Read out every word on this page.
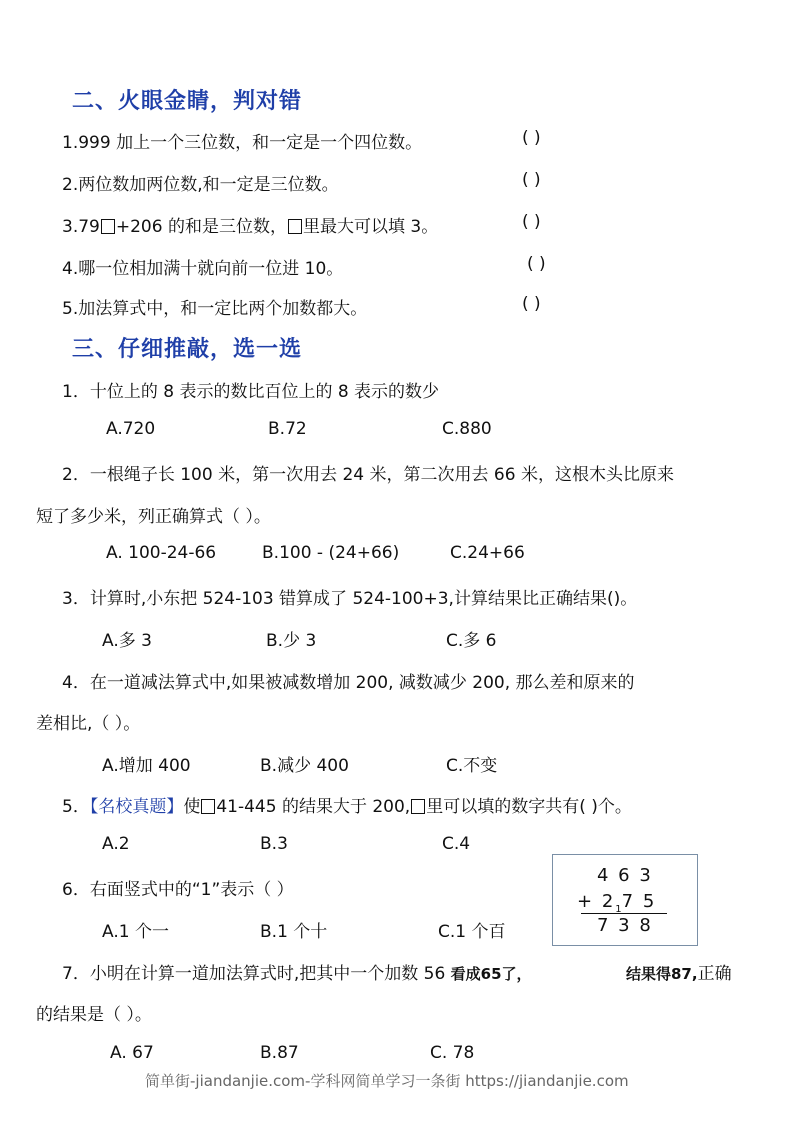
二、火眼金睛，判对错
1.999 加上一个三位数，和一定是一个四位数。	( )
2.两位数加两位数,和一定是三位数。	( )
3.79 +206 的和是三位数， 里最大可以填 3。	( )
4.哪一位相加满十就向前一位进 10。	( )
5.加法算式中，和一定比两个加数都大。	( )
三、仔细推敲，选一选
1．十位上的 8 表示的数比百位上的 8 表示的数少
A.720	B.72	C.880
2．一根绳子长 100 米，第一次用去 24 米，第二次用去 66 米，这根木头比原来
短了多少米，列正确算式（ ）。
A. 100-24-66	B.100 - (24+66)	C.24+66
3．计算时,小东把 524-103 错算成了 524-100+3,计算结果比正确结果()。
A.多 3	B.少 3	C.多 6
4．在一道减法算式中,如果被减数增加 200, 减数减少 200, 那么差和原来的
差相比,（ ）。
A.增加 400	B.减少 400	C.不变
5．【名校真题】使 41-445 的结果大于 200, 里可以填的数字共有( )个。
A.2	B.3	C.4
6．右面竖式中的“1”表示（ ）
A.1 个一	B.1 个十	C.1 个百
4 6 3
+ $2_17$ 5
7 3 8
7．小明在计算一道加法算式时,把其中一个加数 56 看成65了，	结果得87,正确
的结果是（ ）。
A. 67	B.87	C. 78
简单街-jiandanjie.com-学科网简单学习一条街 https://jiandanjie.com
